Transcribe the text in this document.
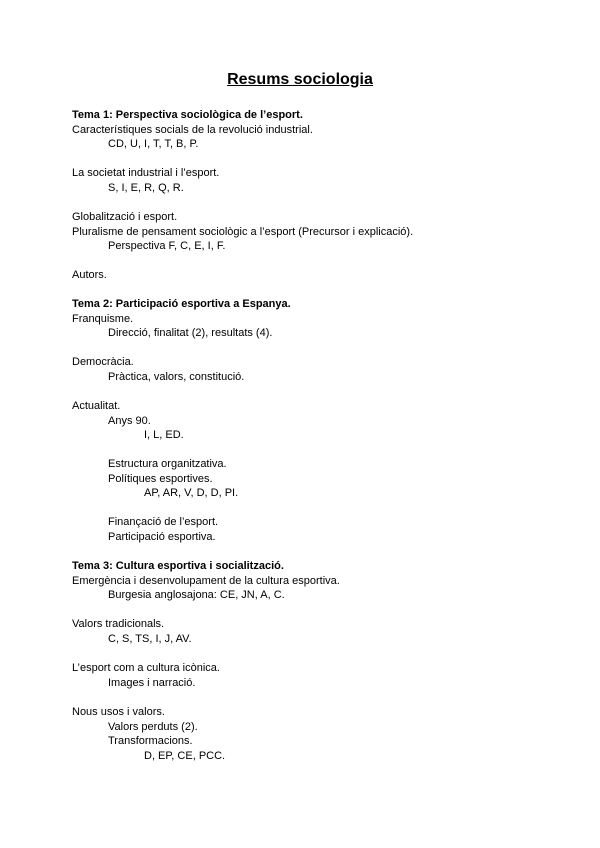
Resums sociologia
Tema 1: Perspectiva sociològica de l’esport.
Característiques socials de la revolució industrial.
CD, U, I, T, T, B, P.
La societat industrial i l’esport.
S, I, E, R, Q, R.
Globalització i esport.
Pluralisme de pensament sociològic a l’esport (Precursor i explicació).
Perspectiva F, C, E, I, F.
Autors.
Tema 2: Participació esportiva a Espanya.
Franquisme.
Direcció, finalitat (2), resultats (4).
Democràcia.
Pràctica, valors, constitució.
Actualitat.
Anys 90.
I, L, ED.
Estructura organitzativa.
Polítiques esportives.
AP, AR, V, D, D, PI.
Finançació de l’esport.
Participació esportiva.
Tema 3: Cultura esportiva i socialització.
Emergència i desenvolupament de la cultura esportiva.
Burgesia anglosajona: CE, JN, A, C.
Valors tradicionals.
C, S, TS, I, J, AV.
L’esport com a cultura icònica.
Images i narració.
Nous usos i valors.
Valors perduts (2).
Transformacions.
D, EP, CE, PCC.
